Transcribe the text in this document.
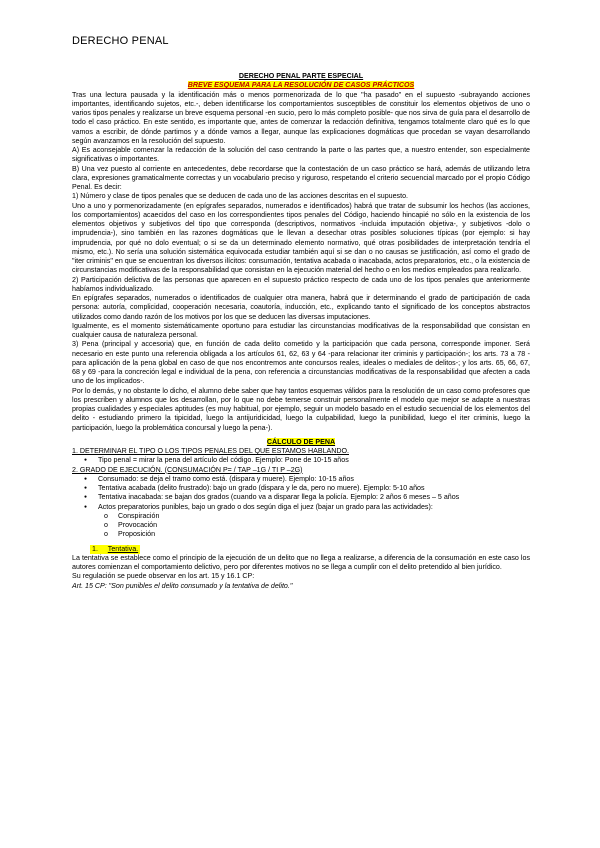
DERECHO PENAL
DERECHO PENAL PARTE ESPECIAL
BREVE ESQUEMA PARA LA RESOLUCIÓN DE CASOS PRÁCTICOS

Tras una lectura pausada y la identificación más o menos pormenorizada de lo que "ha pasado" en el supuesto -subrayando acciones importantes, identificando sujetos, etc.-, deben identificarse los comportamientos susceptibles de constituir los elementos objetivos de uno o varios tipos penales y realizarse un breve esquema personal -en sucio, pero lo más completo posible- que nos sirva de guía para el desarrollo de todo el caso práctico. En este sentido, es importante que, antes de comenzar la redacción definitiva, tengamos totalmente claro qué es lo que vamos a escribir, de dónde partimos y a dónde vamos a llegar, aunque las explicaciones dogmáticas que procedan se vayan desarrollando según avanzamos en la resolución del supuesto.

A) Es aconsejable comenzar la redacción de la solución del caso centrando la parte o las partes que, a nuestro entender, son especialmente significativas o importantes.

B) Una vez puesto al corriente en antecedentes, debe recordarse que la contestación de un caso práctico se hará, además de utilizando letra clara, expresiones gramaticalmente correctas y un vocabulario preciso y riguroso, respetando el criterio secuencial marcado por el propio Código Penal. Es decir:

1) Número y clase de tipos penales que se deducen de cada uno de las acciones descritas en el supuesto.

Uno a uno y pormenorizadamente (en epígrafes separados, numerados e identificados) habrá que tratar de subsumir los hechos (las acciones, los comportamientos) acaecidos del caso en los correspondientes tipos penales del Código, haciendo hincapié no sólo en la existencia de los elementos objetivos y subjetivos del tipo que corresponda (descriptivos, normativos -incluida imputación objetiva-, y subjetivos -dolo o imprudencia-), sino también en las razones dogmáticas que le llevan a desechar otras posibles soluciones típicas (por ejemplo: si hay imprudencia, por qué no dolo eventual; o si se da un determinado elemento normativo, qué otras posibilidades de interpretación tendría el mismo, etc.). No sería una solución sistemática equivocada estudiar también aquí si se dan o no causas se justificación, así como el grado de "iter criminis" en que se encuentran los diversos ilícitos: consumación, tentativa acabada o inacabada, actos preparatorios, etc., o la existencia de circunstancias modificativas de la responsabilidad que consistan en la ejecución material del hecho o en los medios empleados para realizarlo.

2) Participación delictiva de las personas que aparecen en el supuesto práctico respecto de cada uno de los tipos penales que anteriormente habíamos individualizado.

En epígrafes separados, numerados o identificados de cualquier otra manera, habrá que ir determinando el grado de participación de cada persona: autoría, complicidad, cooperación necesaria, coautoría, inducción, etc., explicando tanto el significado de los conceptos abstractos utilizados como dando razón de los motivos por los que se deducen las diversas imputaciones.

Igualmente, es el momento sistemáticamente oportuno para estudiar las circunstancias modificativas de la responsabilidad que consistan en cualquier causa de naturaleza personal.

3) Pena (principal y accesoria) que, en función de cada delito cometido y la participación que cada persona, corresponde imponer. Será necesario en este punto una referencia obligada a los artículos 61, 62, 63 y 64 -para relacionar iter criminis y participación-; los arts. 73 a 78 -para aplicación de la pena global en caso de que nos encontremos ante concursos reales, ideales o mediales de delitos-; y los arts. 65, 66, 67, 68 y 69 -para la concreción legal e individual de la pena, con referencia a circunstancias modificativas de la responsabilidad que afecten a cada uno de los implicados-.

Por lo demás, y no obstante lo dicho, el alumno debe saber que hay tantos esquemas válidos para la resolución de un caso como profesores que los prescriben y alumnos que los desarrollan, por lo que no debe temerse construir personalmente el modelo que mejor se adapte a nuestras propias cualidades y especiales aptitudes (es muy habitual, por ejemplo, seguir un modelo basado en el estudio secuencial de los elementos del delito - estudiando primero la tipicidad, luego la antijuridicidad, luego la culpabilidad, luego la punibilidad, luego el iter criminis, luego la participación, luego la problemática concursal y luego la pena-).

CÁLCULO DE PENA
1. DETERMINAR EL TIPO O LOS TIPOS PENALES DEL QUE ESTAMOS HABLANDO.
● Tipo penal = mirar la pena del artículo del código. Ejemplo: Pone de 10-15 años
2. GRADO DE EJECUCIÓN. (CONSUMACIÓN P= / TAP –1G / TI P –2G)
● Consumado: se deja el tramo como está. (dispara y muere). Ejemplo: 10-15 años
● Tentativa acabada (delito frustrado): bajo un grado (dispara y le da, pero no muere). Ejemplo: 5-10 años
● Tentativa inacabada: se bajan dos grados (cuando va a disparar llega la policía. Ejemplo: 2 años 6 meses – 5 años
● Actos preparatorios punibles, bajo un grado o dos según diga el juez (bajar un grado para las actividades):
o Conspiración
o Provocación
o Proposición
1. Tentativa.

La tentativa se establece como el principio de la ejecución de un delito que no llega a realizarse, a diferencia de la consumación en este caso los autores comienzan el comportamiento delictivo, pero por diferentes motivos no se llega a cumplir con el delito pretendido al bien jurídico.

Su regulación se puede observar en los art. 15 y 16.1 CP:

Art. 15 CP: "Son punibles el delito consumado y la tentativa de delito."
